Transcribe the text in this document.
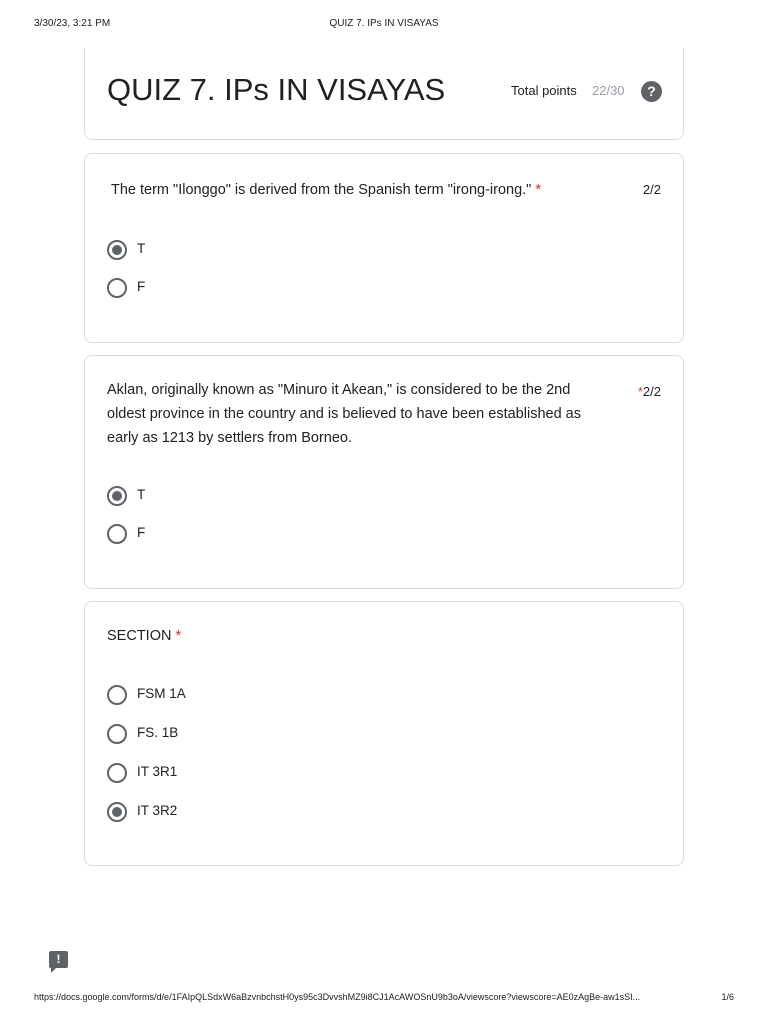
3/30/23, 3:21 PM	QUIZ 7. IPs IN VISAYAS
QUIZ 7. IPs IN VISAYAS	Total points 22/30	?
The term "Ilonggo" is derived from the Spanish term "irong-irong." *	2/2
T
F
Aklan, originally known as "Minuro it Akean," is considered to be the 2nd oldest province in the country and is believed to have been established as early as 1213 by settlers from Borneo.
*2/2
T
F
SECTION *
FSM 1A
FS. 1B
IT 3R1
IT 3R2
!
https://docs.google.com/forms/d/e/1FAIpQLSdxW6aBzvnbchstH0ys95c3DvvshMZ9i8CJ1AcAWOSnU9b3oA/viewscore?viewscore=AE0zAgBe-aw1sSI...	1/6
